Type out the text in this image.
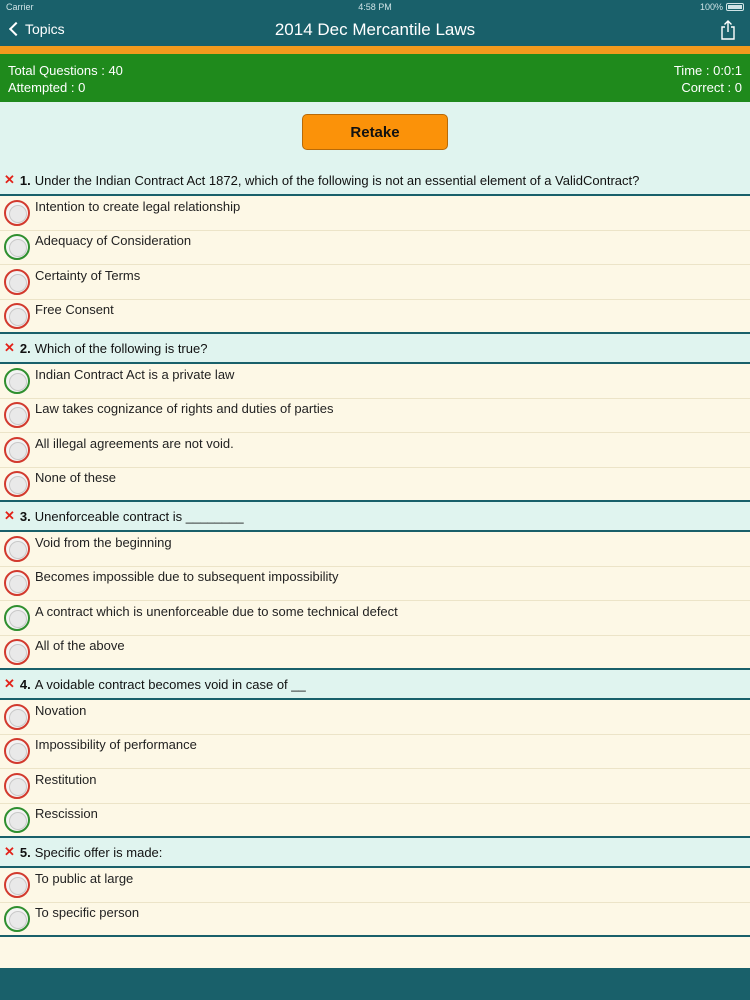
Carrier	4:58 PM	100%
Topics	2014 Dec Mercantile Laws
Total Questions : 40
Attempted : 0
Time : 0:0:1
Correct : 0
Retake
✕ 1. Under the Indian Contract Act 1872, which of the following is not an essential element of a ValidContract?
Intention to create legal relationship
Adequacy of Consideration
Certainty of Terms
Free Consent
✕ 2. Which of the following is true?
Indian Contract Act is a private law
Law takes cognizance of rights and duties of parties
All illegal agreements are not void.
None of these
✕ 3. Unenforceable contract is ________
Void from the beginning
Becomes impossible due to subsequent impossibility
A contract which is unenforceable due to some technical defect
All of the above
✕ 4. A voidable contract becomes void in case of __
Novation
Impossibility of performance
Restitution
Rescission
✕ 5. Specific offer is made:
To public at large
To specific person
